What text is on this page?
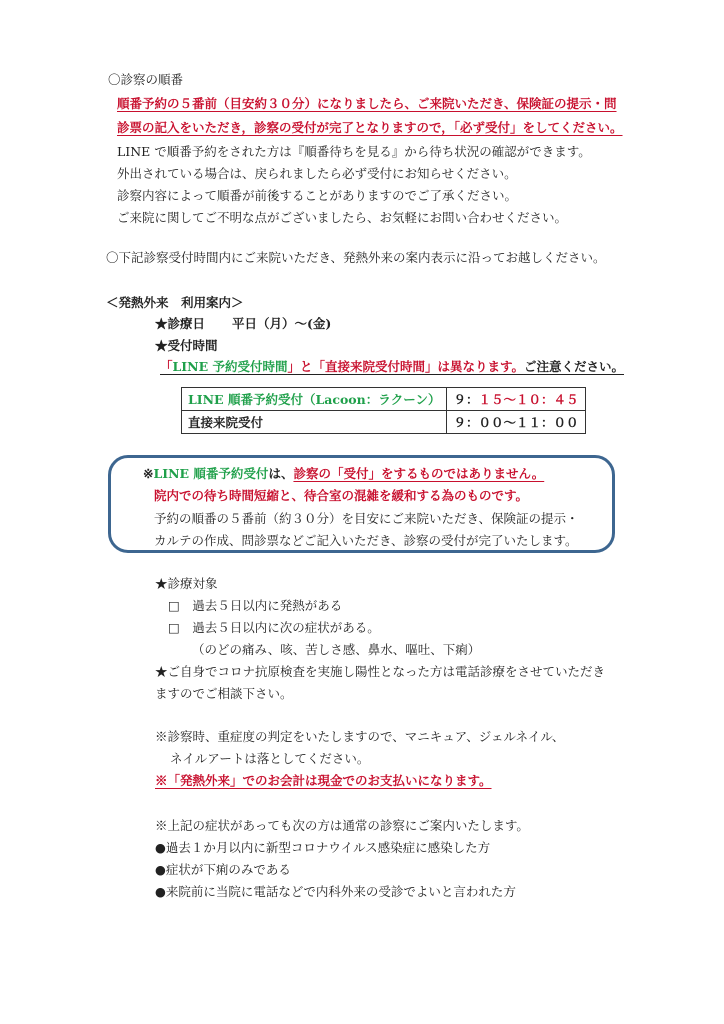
〇診察の順番
順番予約の５番前（目安約３０分）になりましたら、ご来院いただき、保険証の提示・問
診票の記入をいただき，診察の受付が完了となりますので，「必ず受付」をしてください。
LINE で順番予約をされた方は『順番待ちを見る』から待ち状況の確認ができます。
外出されている場合は、戻られましたら必ず受付にお知らせください。
診察内容によって順番が前後することがありますのでご了承ください。
ご来院に関してご不明な点がございましたら、お気軽にお問い合わせください。
〇下記診察受付時間内にご来院いただき、発熱外来の案内表示に沿ってお越しください。
＜発熱外来　利用案内＞
★診療日 平日（月）～(金)
★受付時間
「LINE 予約受付時間」と「直接来院受付時間」は異なります。ご注意ください。
LINE 順番予約受付（Lacoon：ラクーン）	９：１５～１０：４５
直接来院受付	９：００～１１：００
※LINE 順番予約受付は、診察の「受付」をするものではありません。
院内での待ち時間短縮と、待合室の混雑を緩和する為のものです。
予約の順番の５番前（約３０分）を目安にご来院いただき、保険証の提示・
カルテの作成、問診票などご記入いただき、診察の受付が完了いたします。
★診療対象
□　過去５日以内に発熱がある
□　過去５日以内に次の症状がある。
（のどの痛み、咳、苦しさ感、鼻水、嘔吐、下痢）
★ご自身でコロナ抗原検査を実施し陽性となった方は電話診療をさせていただき
ますのでご相談下さい。
※診察時、重症度の判定をいたしますので、マニキュア、ジェルネイル、
ネイルアートは落としてください。
※「発熱外来」でのお会計は現金でのお支払いになります。
※上記の症状があっても次の方は通常の診察にご案内いたします。
●過去１か月以内に新型コロナウイルス感染症に感染した方
●症状が下痢のみである
●来院前に当院に電話などで内科外来の受診でよいと言われた方
